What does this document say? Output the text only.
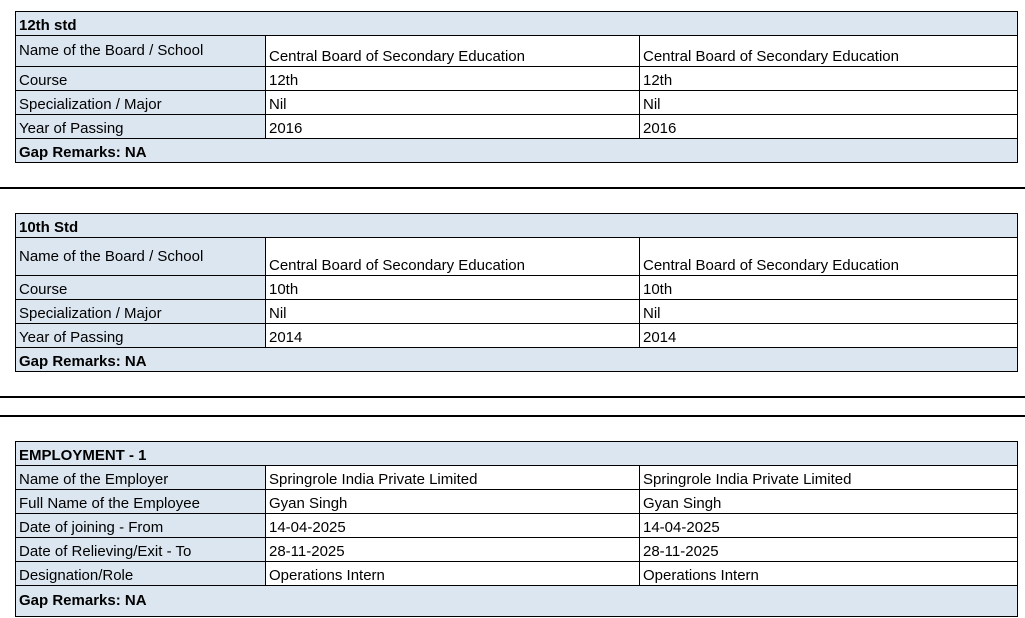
12th std		
Name of the Board / School	Central Board of Secondary Education	Central Board of Secondary Education
Course	12th	12th
Specialization / Major	Nil	Nil
Year of Passing	2016	2016
Gap Remarks: NA		
10th Std		
Name of the Board / School	Central Board of Secondary Education	Central Board of Secondary Education
Course	10th	10th
Specialization / Major	Nil	Nil
Year of Passing	2014	2014
Gap Remarks: NA		
EMPLOYMENT - 1		
Name of the Employer	Springrole India Private Limited	Springrole India Private Limited
Full Name of the Employee	Gyan Singh	Gyan Singh
Date of joining - From	14-04-2025	14-04-2025
Date of Relieving/Exit - To	28-11-2025	28-11-2025
Designation/Role	Operations Intern	Operations Intern
Gap Remarks: NA		
